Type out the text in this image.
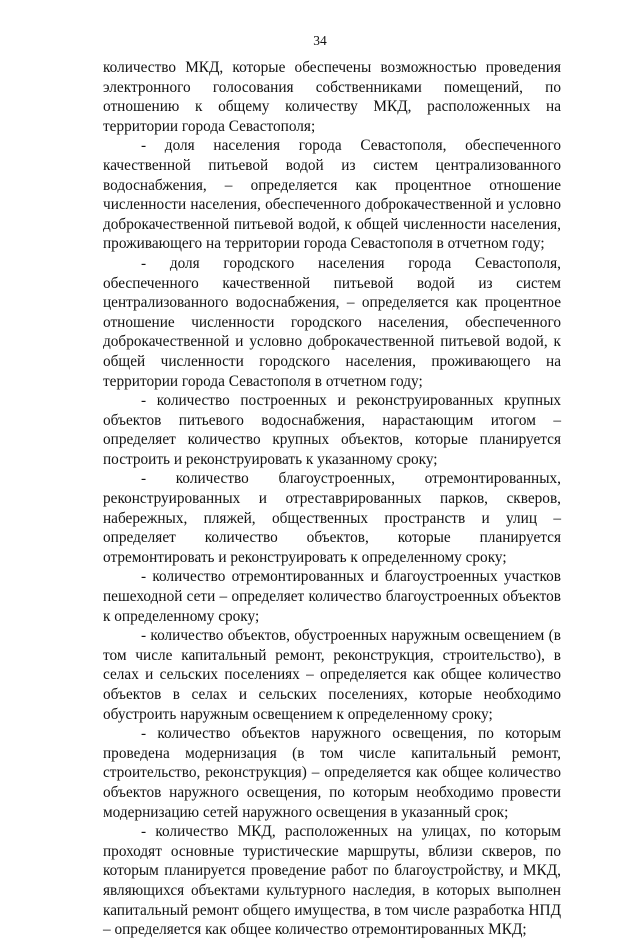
34

количество МКД, которые обеспечены возможностью проведения электронного голосования собственниками помещений, по отношению к общему количеству МКД, расположенных на территории города Севастополя;

- доля населения города Севастополя, обеспеченного качественной питьевой водой из систем централизованного водоснабжения, – определяется как процентное отношение численности населения, обеспеченного доброкачественной и условно доброкачественной питьевой водой, к общей численности населения, проживающего на территории города Севастополя в отчетном году;

- доля городского населения города Севастополя, обеспеченного качественной питьевой водой из систем централизованного водоснабжения, – определяется как процентное отношение численности городского населения, обеспеченного доброкачественной и условно доброкачественной питьевой водой, к общей численности городского населения, проживающего на территории города Севастополя в отчетном году;

- количество построенных и реконструированных крупных объектов питьевого водоснабжения, нарастающим итогом – определяет количество крупных объектов, которые планируется построить и реконструировать к указанному сроку;

- количество благоустроенных, отремонтированных, реконструированных и отреставрированных парков, скверов, набережных, пляжей, общественных пространств и улиц – определяет количество объектов, которые планируется отремонтировать и реконструировать к определенному сроку;

- количество отремонтированных и благоустроенных участков пешеходной сети – определяет количество благоустроенных объектов к определенному сроку;

- количество объектов, обустроенных наружным освещением (в том числе капитальный ремонт, реконструкция, строительство), в селах и сельских поселениях – определяется как общее количество объектов в селах и сельских поселениях, которые необходимо обустроить наружным освещением к определенному сроку;

- количество объектов наружного освещения, по которым проведена модернизация (в том числе капитальный ремонт, строительство, реконструкция) – определяется как общее количество объектов наружного освещения, по которым необходимо провести модернизацию сетей наружного освещения в указанный срок;

- количество МКД, расположенных на улицах, по которым проходят основные туристические маршруты, вблизи скверов, по которым планируется проведение работ по благоустройству, и МКД, являющихся объектами культурного наследия, в которых выполнен капитальный ремонт общего имущества, в том числе разработка НПД – определяется как общее количество отремонтированных МКД;
